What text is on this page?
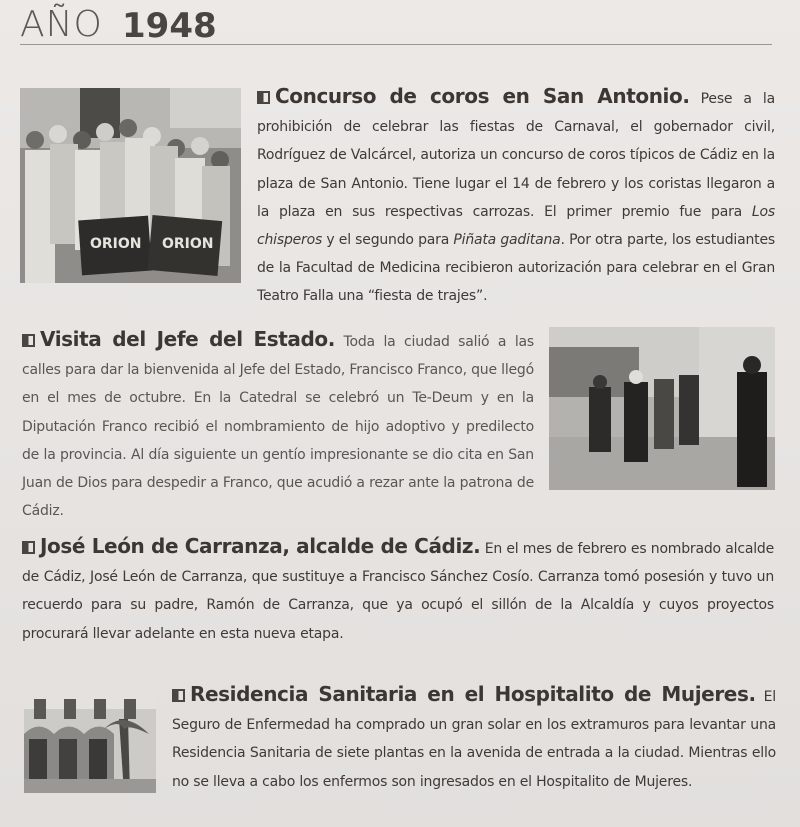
AÑO 1948
ORION ORION
Concurso de coros en San Antonio. Pese a la prohibición de celebrar las fiestas de Carnaval, el gobernador civil, Rodríguez de Valcárcel, autoriza un concurso de coros típicos de Cádiz en la plaza de San Antonio. Tiene lugar el 14 de febrero y los coristas llegaron a la plaza en sus respectivas carrozas. El primer premio fue para Los chisperos y el segundo para Piñata gaditana. Por otra parte, los estudiantes de la Facultad de Medicina recibieron autorización para celebrar en el Gran Teatro Falla una “fiesta de trajes”.
Visita del Jefe del Estado. Toda la ciudad salió a las calles para dar la bienvenida al Jefe del Estado, Francisco Franco, que llegó en el mes de octubre. En la Catedral se celebró un Te-Deum y en la Diputación Franco recibió el nombramiento de hijo adoptivo y predilecto de la provincia. Al día siguiente un gentío impresionante se dio cita en San Juan de Dios para despedir a Franco, que acudió a rezar ante la patrona de Cádiz.
José León de Carranza, alcalde de Cádiz. En el mes de febrero es nombrado alcalde de Cádiz, José León de Carranza, que sustituye a Francisco Sánchez Cosío. Carranza tomó posesión y tuvo un recuerdo para su padre, Ramón de Carranza, que ya ocupó el sillón de la Alcaldía y cuyos proyectos procurará llevar adelante en esta nueva etapa.
Residencia Sanitaria en el Hospitalito de Mujeres. El Seguro de Enfermedad ha comprado un gran solar en los extramuros para levantar una Residencia Sanitaria de siete plantas en la avenida de entrada a la ciudad. Mientras ello no se lleva a cabo los enfermos son ingresados en el Hospitalito de Mujeres.
